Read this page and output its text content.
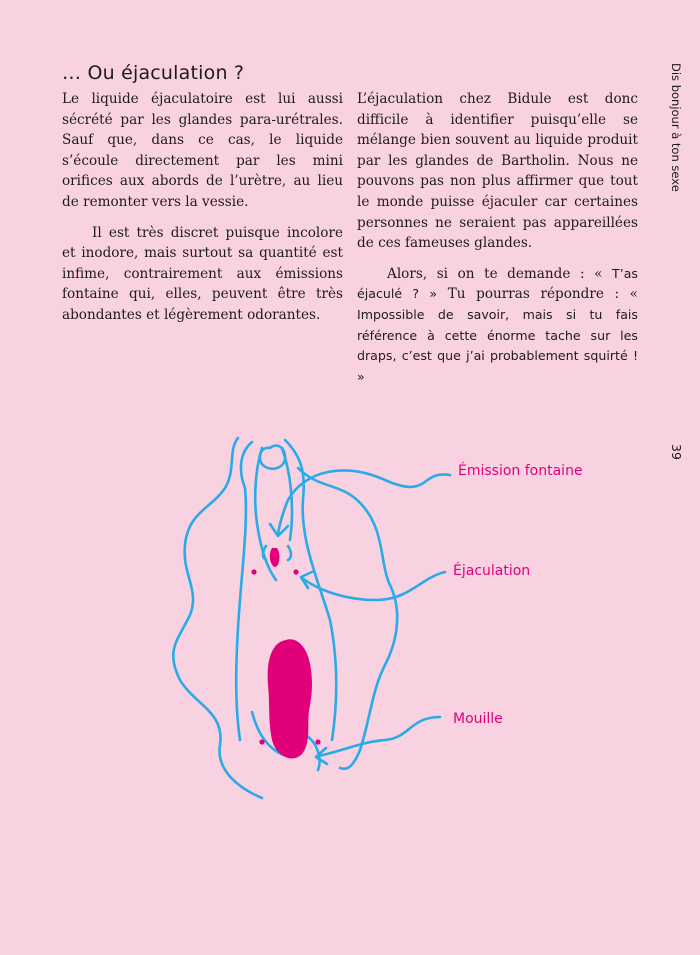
… Ou éjaculation ?

Le liquide éjaculatoire est lui aussi sécrété par les glandes para-urétrales. Sauf que, dans ce cas, le liquide s’écoule directement par les mini orifices aux abords de l’urètre, au lieu de remonter vers la vessie.

Il est très discret puisque incolore et inodore, mais surtout sa quantité est infime, contrairement aux émissions fontaine qui, elles, peuvent être très abondantes et légèrement odorantes.

L’éjaculation chez Bidule est donc difficile à identifier puisqu’elle se mélange bien souvent au liquide produit par les glandes de Bartholin. Nous ne pouvons pas non plus affirmer que tout le monde puisse éjaculer car certaines personnes ne seraient pas appareillées de ces fameuses glandes.

Alors, si on te demande : « T’as éjaculé ? » Tu pourras répondre : « Impossible de savoir, mais si tu fais référence à cette énorme tache sur les draps, c’est que j’ai probablement squirté ! »

Dis bonjour à ton sexe
39
Émission fontaine
Éjaculation
Mouille
